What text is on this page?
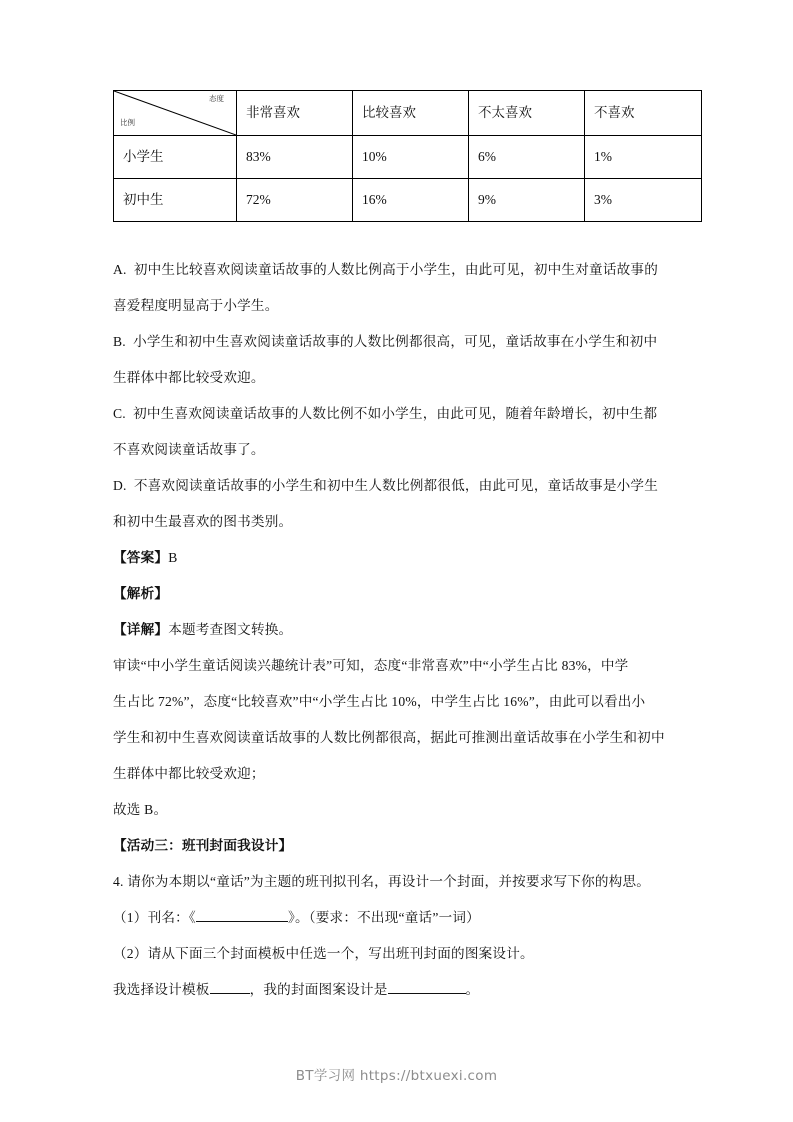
态度
比例	非常喜欢	比较喜欢	不太喜欢	不喜欢
小学生	83%	10%	6%	1%
初中生	72%	16%	9%	3%
A. 初中生比较喜欢阅读童话故事的人数比例高于小学生，由此可见，初中生对童话故事的
喜爱程度明显高于小学生。
B. 小学生和初中生喜欢阅读童话故事的人数比例都很高，可见，童话故事在小学生和初中
生群体中都比较受欢迎。
C. 初中生喜欢阅读童话故事的人数比例不如小学生，由此可见，随着年龄增长，初中生都
不喜欢阅读童话故事了。
D. 不喜欢阅读童话故事的小学生和初中生人数比例都很低，由此可见，童话故事是小学生
和初中生最喜欢的图书类别。
【答案】B
【解析】
【详解】本题考查图文转换。
审读“中小学生童话阅读兴趣统计表”可知，态度“非常喜欢”中“小学生占比 83%，中学
生占比 72%”，态度“比较喜欢”中“小学生占比 10%，中学生占比 16%”，由此可以看出小
学生和初中生喜欢阅读童话故事的人数比例都很高，据此可推测出童话故事在小学生和初中
生群体中都比较受欢迎；
故选 B。
【活动三：班刊封面我设计】
4. 请你为本期以“童话”为主题的班刊拟刊名，再设计一个封面，并按要求写下你的构思。
（1）刊名：《	》。（要求：不出现“童话”一词）
（2）请从下面三个封面模板中任选一个，写出班刊封面的图案设计。
我选择设计模板	，我的封面图案设计是	。
BT学习网 https://btxuexi.com
